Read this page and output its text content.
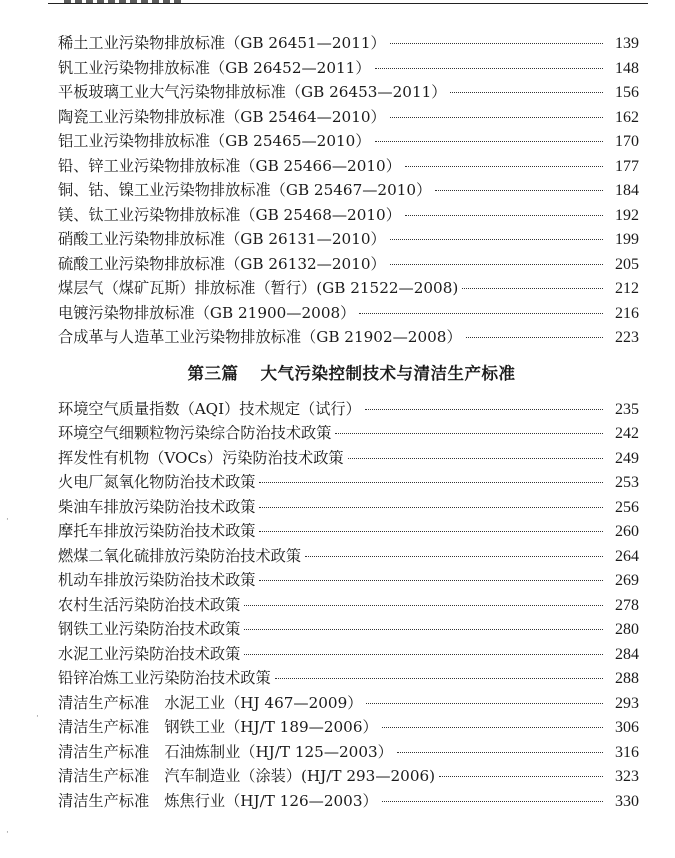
·
·
·
稀土工业污染物排放标准（GB 26451—2011）	139
钒工业污染物排放标准（GB 26452—2011）	148
平板玻璃工业大气污染物排放标准（GB 26453—2011）	156
陶瓷工业污染物排放标准（GB 25464—2010）	162
铝工业污染物排放标准（GB 25465—2010）	170
铅、锌工业污染物排放标准（GB 25466—2010）	177
铜、钴、镍工业污染物排放标准（GB 25467—2010）	184
镁、钛工业污染物排放标准（GB 25468—2010）	192
硝酸工业污染物排放标准（GB 26131—2010）	199
硫酸工业污染物排放标准（GB 26132—2010）	205
煤层气（煤矿瓦斯）排放标准（暂行）(GB 21522—2008)	212
电镀污染物排放标准（GB 21900—2008）	216
合成革与人造革工业污染物排放标准（GB 21902—2008）	223
第三篇 大气污染控制技术与清洁生产标准
环境空气质量指数（AQI）技术规定（试行）	235
环境空气细颗粒物污染综合防治技术政策	242
挥发性有机物（VOCs）污染防治技术政策	249
火电厂氮氧化物防治技术政策	253
柴油车排放污染防治技术政策	256
摩托车排放污染防治技术政策	260
燃煤二氧化硫排放污染防治技术政策	264
机动车排放污染防治技术政策	269
农村生活污染防治技术政策	278
钢铁工业污染防治技术政策	280
水泥工业污染防治技术政策	284
铅锌冶炼工业污染防治技术政策	288
清洁生产标准　水泥工业（HJ 467—2009）	293
清洁生产标准　钢铁工业（HJ/T 189—2006）	306
清洁生产标准　石油炼制业（HJ/T 125—2003）	316
清洁生产标准　汽车制造业（涂装）(HJ/T 293—2006)	323
清洁生产标准　炼焦行业（HJ/T 126—2003）	330
